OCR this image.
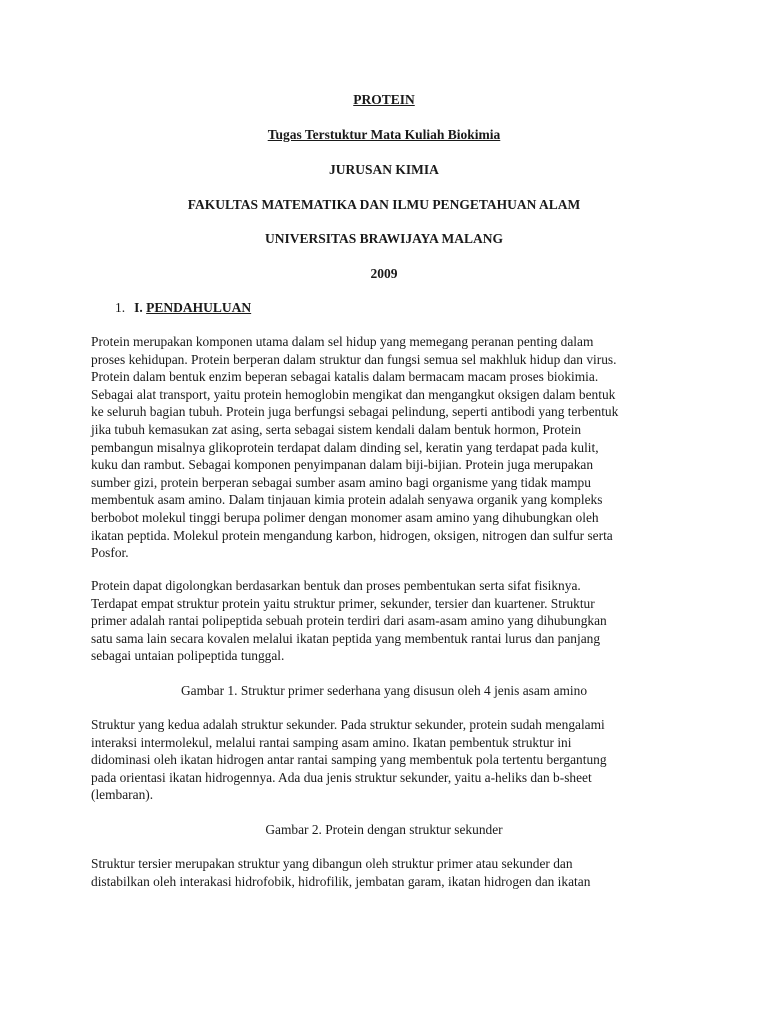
PROTEIN
Tugas Terstuktur Mata Kuliah Biokimia
JURUSAN KIMIA
FAKULTAS MATEMATIKA DAN ILMU PENGETAHUAN ALAM
UNIVERSITAS BRAWIJAYA MALANG
2009
1. I. PENDAHULUAN
Protein merupakan komponen utama dalam sel hidup yang memegang peranan penting dalam
proses kehidupan. Protein berperan dalam struktur dan fungsi semua sel makhluk hidup dan virus.
Protein dalam bentuk enzim beperan sebagai katalis dalam bermacam macam proses biokimia.
Sebagai alat transport, yaitu protein hemoglobin mengikat dan mengangkut oksigen dalam bentuk
ke seluruh bagian tubuh. Protein juga berfungsi sebagai pelindung, seperti antibodi yang terbentuk
jika tubuh kemasukan zat asing, serta sebagai sistem kendali dalam bentuk hormon, Protein
pembangun misalnya glikoprotein terdapat dalam dinding sel, keratin yang terdapat pada kulit,
kuku dan rambut. Sebagai komponen penyimpanan dalam biji-bijian. Protein juga merupakan
sumber gizi, protein berperan sebagai sumber asam amino bagi organisme yang tidak mampu
membentuk asam amino. Dalam tinjauan kimia protein adalah senyawa organik yang kompleks
berbobot molekul tinggi berupa polimer dengan monomer asam amino yang dihubungkan oleh
ikatan peptida. Molekul protein mengandung karbon, hidrogen, oksigen, nitrogen dan sulfur serta
Posfor.
Protein dapat digolongkan berdasarkan bentuk dan proses pembentukan serta sifat fisiknya.
Terdapat empat struktur protein yaitu struktur primer, sekunder, tersier dan kuartener. Struktur
primer adalah rantai polipeptida sebuah protein terdiri dari asam-asam amino yang dihubungkan
satu sama lain secara kovalen melalui ikatan peptida yang membentuk rantai lurus dan panjang
sebagai untaian polipeptida tunggal.
Gambar 1. Struktur primer sederhana yang disusun oleh 4 jenis asam amino
Struktur yang kedua adalah struktur sekunder. Pada struktur sekunder, protein sudah mengalami
interaksi intermolekul, melalui rantai samping asam amino. Ikatan pembentuk struktur ini
didominasi oleh ikatan hidrogen antar rantai samping yang membentuk pola tertentu bergantung
pada orientasi ikatan hidrogennya. Ada dua jenis struktur sekunder, yaitu a-heliks dan b-sheet
(lembaran).
Gambar 2. Protein dengan struktur sekunder
Struktur tersier merupakan struktur yang dibangun oleh struktur primer atau sekunder dan
distabilkan oleh interakasi hidrofobik, hidrofilik, jembatan garam, ikatan hidrogen dan ikatan
